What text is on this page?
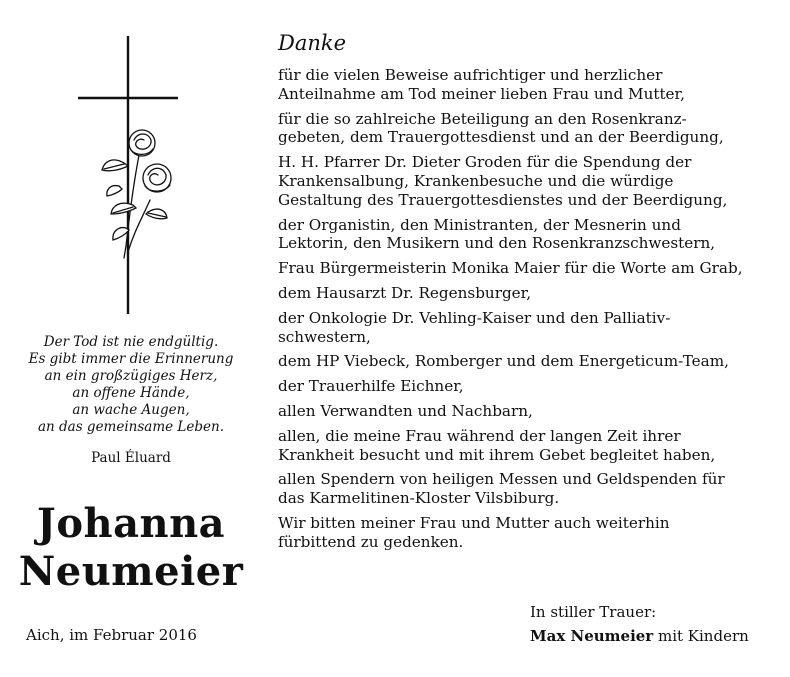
Der Tod ist nie endgültig.
Es gibt immer die Erinnerung
an ein großzügiges Herz,
an offene Hände,
an wache Augen,
an das gemeinsame Leben.
Paul Éluard
Johanna
Neumeier
Aich, im Februar 2016
Danke
für die vielen Beweise aufrichtiger und herzlicher
Anteilnahme am Tod meiner lieben Frau und Mutter,
für die so zahlreiche Beteiligung an den Rosenkranz-
gebeten, dem Trauergottesdienst und an der Beerdigung,
H. H. Pfarrer Dr. Dieter Groden für die Spendung der
Krankensalbung, Krankenbesuche und die würdige
Gestaltung des Trauergottesdienstes und der Beerdigung,
der Organistin, den Ministranten, der Mesnerin und
Lektorin, den Musikern und den Rosenkranzschwestern,
Frau Bürgermeisterin Monika Maier für die Worte am Grab,
dem Hausarzt Dr. Regensburger,
der Onkologie Dr. Vehling-Kaiser und den Palliativ-
schwestern,
dem HP Viebeck, Romberger und dem Energeticum-Team,
der Trauerhilfe Eichner,
allen Verwandten und Nachbarn,
allen, die meine Frau während der langen Zeit ihrer
Krankheit besucht und mit ihrem Gebet begleitet haben,
allen Spendern von heiligen Messen und Geldspenden für
das Karmelitinen-Kloster Vilsbiburg.
Wir bitten meiner Frau und Mutter auch weiterhin
fürbittend zu gedenken.
In stiller Trauer:
Max Neumeier mit Kindern
